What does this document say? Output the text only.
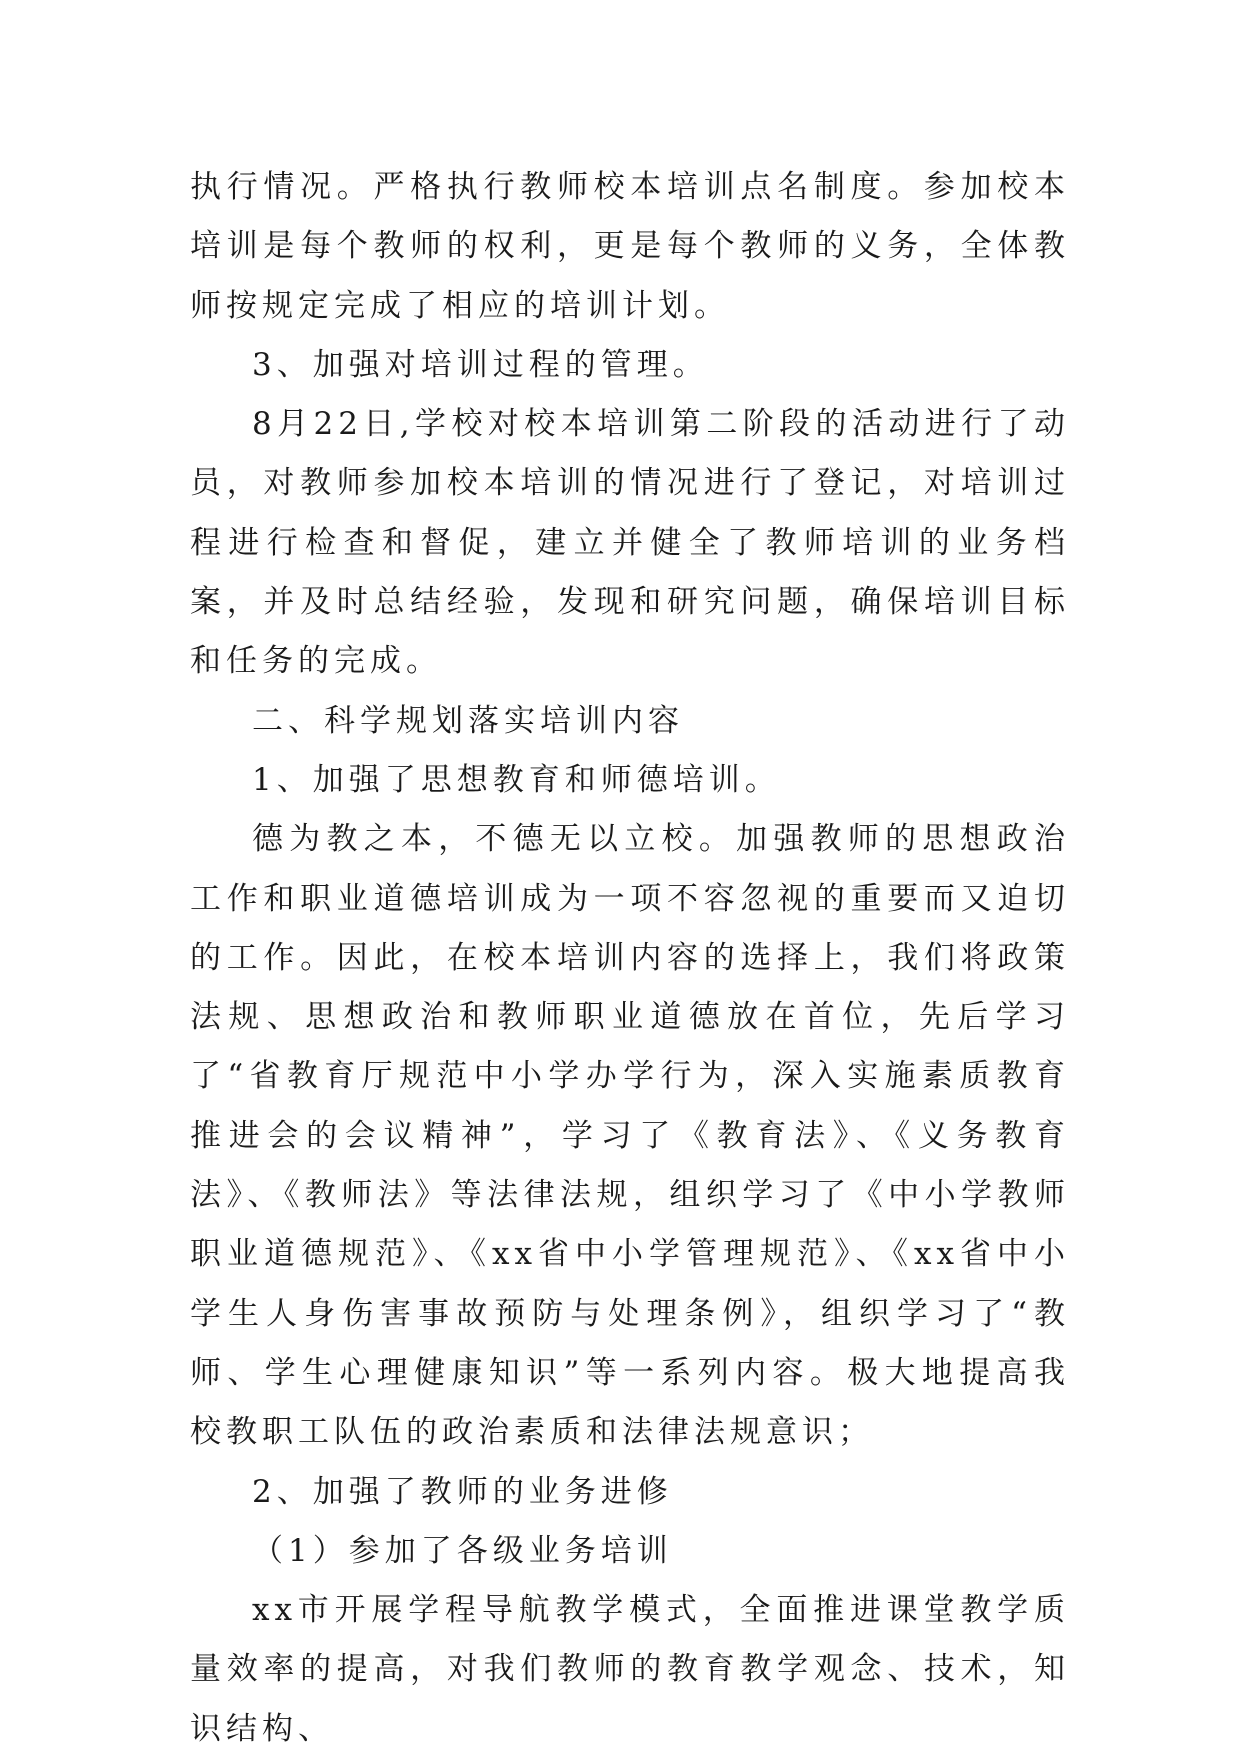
执行情况。严格执行教师校本培训点名制度。参加校本培训是每个教师的权利，更是每个教师的义务，全体教师按规定完成了相应的培训计划。

3、加强对培训过程的管理。

8月22日,学校对校本培训第二阶段的活动进行了动员，对教师参加校本培训的情况进行了登记，对培训过程进行检查和督促，建立并健全了教师培训的业务档案，并及时总结经验，发现和研究问题，确保培训目标和任务的完成。

二、科学规划落实培训内容

1、加强了思想教育和师德培训。

德为教之本，不德无以立校。加强教师的思想政治工作和职业道德培训成为一项不容忽视的重要而又迫切的工作。因此，在校本培训内容的选择上，我们将政策法规、思想政治和教师职业道德放在首位，先后学习了“省教育厅规范中小学办学行为，深入实施素质教育推进会的会议精神”，学习了《教育法》、《义务教育法》、《教师法》等法律法规，组织学习了《中小学教师职业道德规范》、《xx省中小学管理规范》、《xx省中小学生人身伤害事故预防与处理条例》，组织学习了“教师、学生心理健康知识”等一系列内容。极大地提高我校教职工队伍的政治素质和法律法规意识；

2、加强了教师的业务进修

（1）参加了各级业务培训

xx市开展学程导航教学模式，全面推进课堂教学质量效率的提高，对我们教师的教育教学观念、技术，知识结构、
